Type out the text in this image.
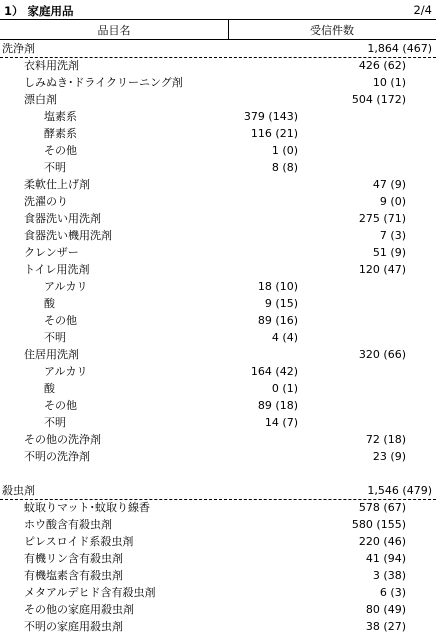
1） 家庭用品	2/4
品目名	受信件数
洗浄剤	1,864 (467)
衣料用洗剤	426 (62)
しみぬき･ドライクリーニング剤	10 (1)
漂白剤	504 (172)
塩素系	379 (143)
酵素系	116 (21)
その他	1 (0)
不明	8 (8)
柔軟仕上げ剤	47 (9)
洗濯のり	9 (0)
食器洗い用洗剤	275 (71)
食器洗い機用洗剤	7 (3)
クレンザー	51 (9)
トイレ用洗剤	120 (47)
アルカリ	18 (10)
酸	9 (15)
その他	89 (16)
不明	4 (4)
住居用洗剤	320 (66)
アルカリ	164 (42)
酸	0 (1)
その他	89 (18)
不明	14 (7)
その他の洗浄剤	72 (18)
不明の洗浄剤	23 (9)
殺虫剤	1,546 (479)
蚊取りマット･蚊取り線香	578 (67)
ホウ酸含有殺虫剤	580 (155)
ピレスロイド系殺虫剤	220 (46)
有機リン含有殺虫剤	41 (94)
有機塩素含有殺虫剤	3 (38)
メタアルデヒド含有殺虫剤	6 (3)
その他の家庭用殺虫剤	80 (49)
不明の家庭用殺虫剤	38 (27)
